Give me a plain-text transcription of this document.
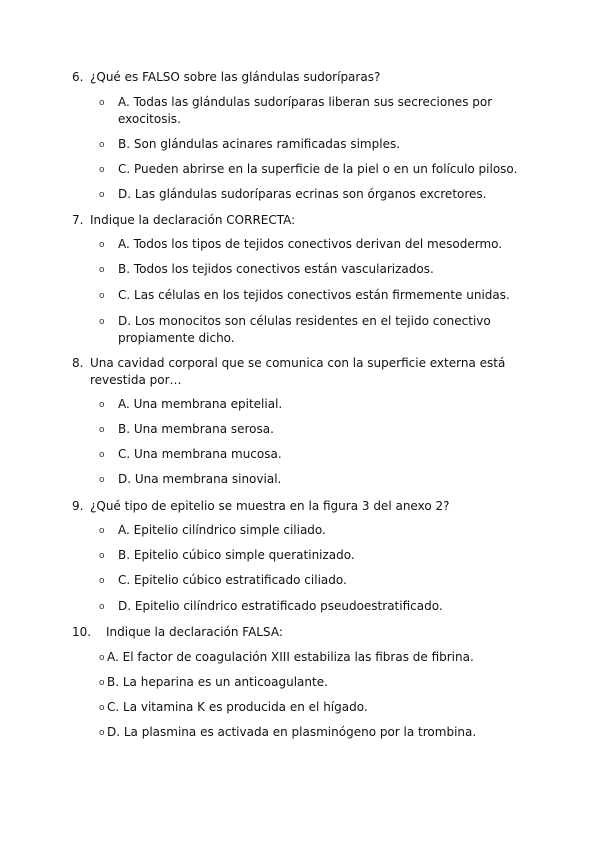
6. ¿Qué es FALSO sobre las glándulas sudoríparas?
o A. Todas las glándulas sudoríparas liberan sus secreciones por exocitosis.
o B. Son glándulas acinares ramificadas simples.
o C. Pueden abrirse en la superficie de la piel o en un folículo piloso.
o D. Las glándulas sudoríparas ecrinas son órganos excretores.
7. Indique la declaración CORRECTA:
o A. Todos los tipos de tejidos conectivos derivan del mesodermo.
o B. Todos los tejidos conectivos están vascularizados.
o C. Las células en los tejidos conectivos están firmemente unidas.
o D. Los monocitos son células residentes en el tejido conectivo propiamente dicho.
8. Una cavidad corporal que se comunica con la superficie externa está revestida por…
o A. Una membrana epitelial.
o B. Una membrana serosa.
o C. Una membrana mucosa.
o D. Una membrana sinovial.
9. ¿Qué tipo de epitelio se muestra en la figura 3 del anexo 2?
o A. Epitelio cilíndrico simple ciliado.
o B. Epitelio cúbico simple queratinizado.
o C. Epitelio cúbico estratificado ciliado.
o D. Epitelio cilíndrico estratificado pseudoestratificado.
10. Indique la declaración FALSA:
o A. El factor de coagulación XIII estabiliza las fibras de fibrina.
o B. La heparina es un anticoagulante.
o C. La vitamina K es producida en el hígado.
o D. La plasmina es activada en plasminógeno por la trombina.
